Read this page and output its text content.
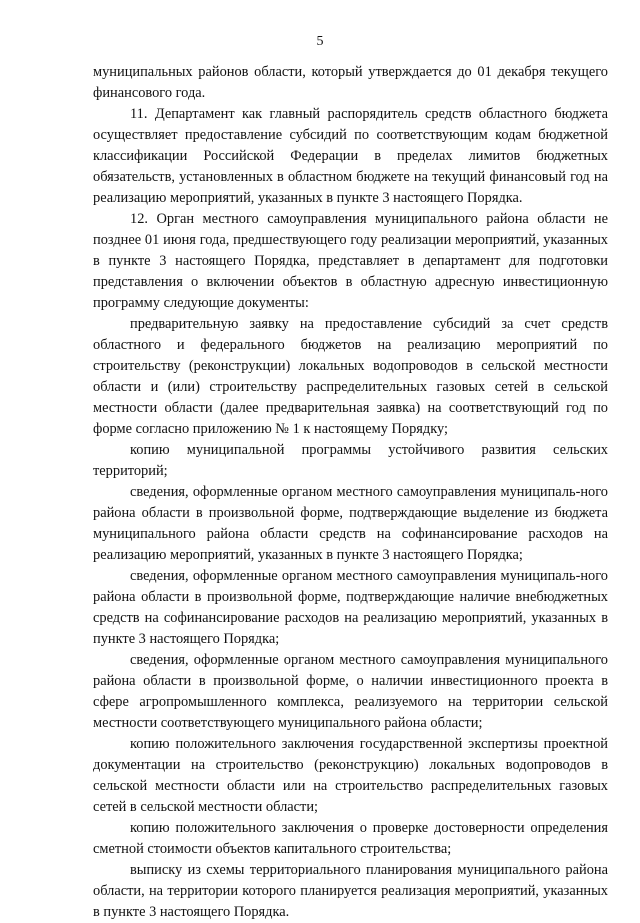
5

муниципальных районов области, который утверждается до 01 декабря текущего финансового года.

11. Департамент как главный распорядитель средств областного бюджета осуществляет предоставление субсидий по соответствующим кодам бюджетной классификации Российской Федерации в пределах лимитов бюджетных обязательств, установленных в областном бюджете на текущий финансовый год на реализацию мероприятий, указанных в пункте 3 настоящего Порядка.

12. Орган местного самоуправления муниципального района области не позднее 01 июня года, предшествующего году реализации мероприятий, указанных в пункте 3 настоящего Порядка, представляет в департамент для подготовки представления о включении объектов в областную адресную инвестиционную программу следующие документы:

предварительную заявку на предоставление субсидий за счет средств областного и федерального бюджетов на реализацию мероприятий по строительству (реконструкции) локальных водопроводов в сельской местности области и (или) строительству распределительных газовых сетей в сельской местности области (далее предварительная заявка) на соответствующий год по форме согласно приложению № 1 к настоящему Порядку;

копию муниципальной программы устойчивого развития сельских территорий;

сведения, оформленные органом местного самоуправления муниципаль-ного района области в произвольной форме, подтверждающие выделение из бюджета муниципального района области средств на софинансирование расходов на реализацию мероприятий, указанных в пункте 3 настоящего Порядка;

сведения, оформленные органом местного самоуправления муниципаль-ного района области в произвольной форме, подтверждающие наличие внебюджетных средств на софинансирование расходов на реализацию мероприятий, указанных в пункте 3 настоящего Порядка;

сведения, оформленные органом местного самоуправления муниципального района области в произвольной форме, о наличии инвестиционного проекта в сфере агропромышленного комплекса, реализуемого на территории сельской местности соответствующего муниципального района области;

копию положительного заключения государственной экспертизы проектной документации на строительство (реконструкцию) локальных водопроводов в сельской местности области или на строительство распределительных газовых сетей в сельской местности области;

копию положительного заключения о проверке достоверности определения сметной стоимости объектов капитального строительства;

выписку из схемы территориального планирования муниципального района области, на территории которого планируется реализация мероприятий, указанных в пункте 3 настоящего Порядка.
